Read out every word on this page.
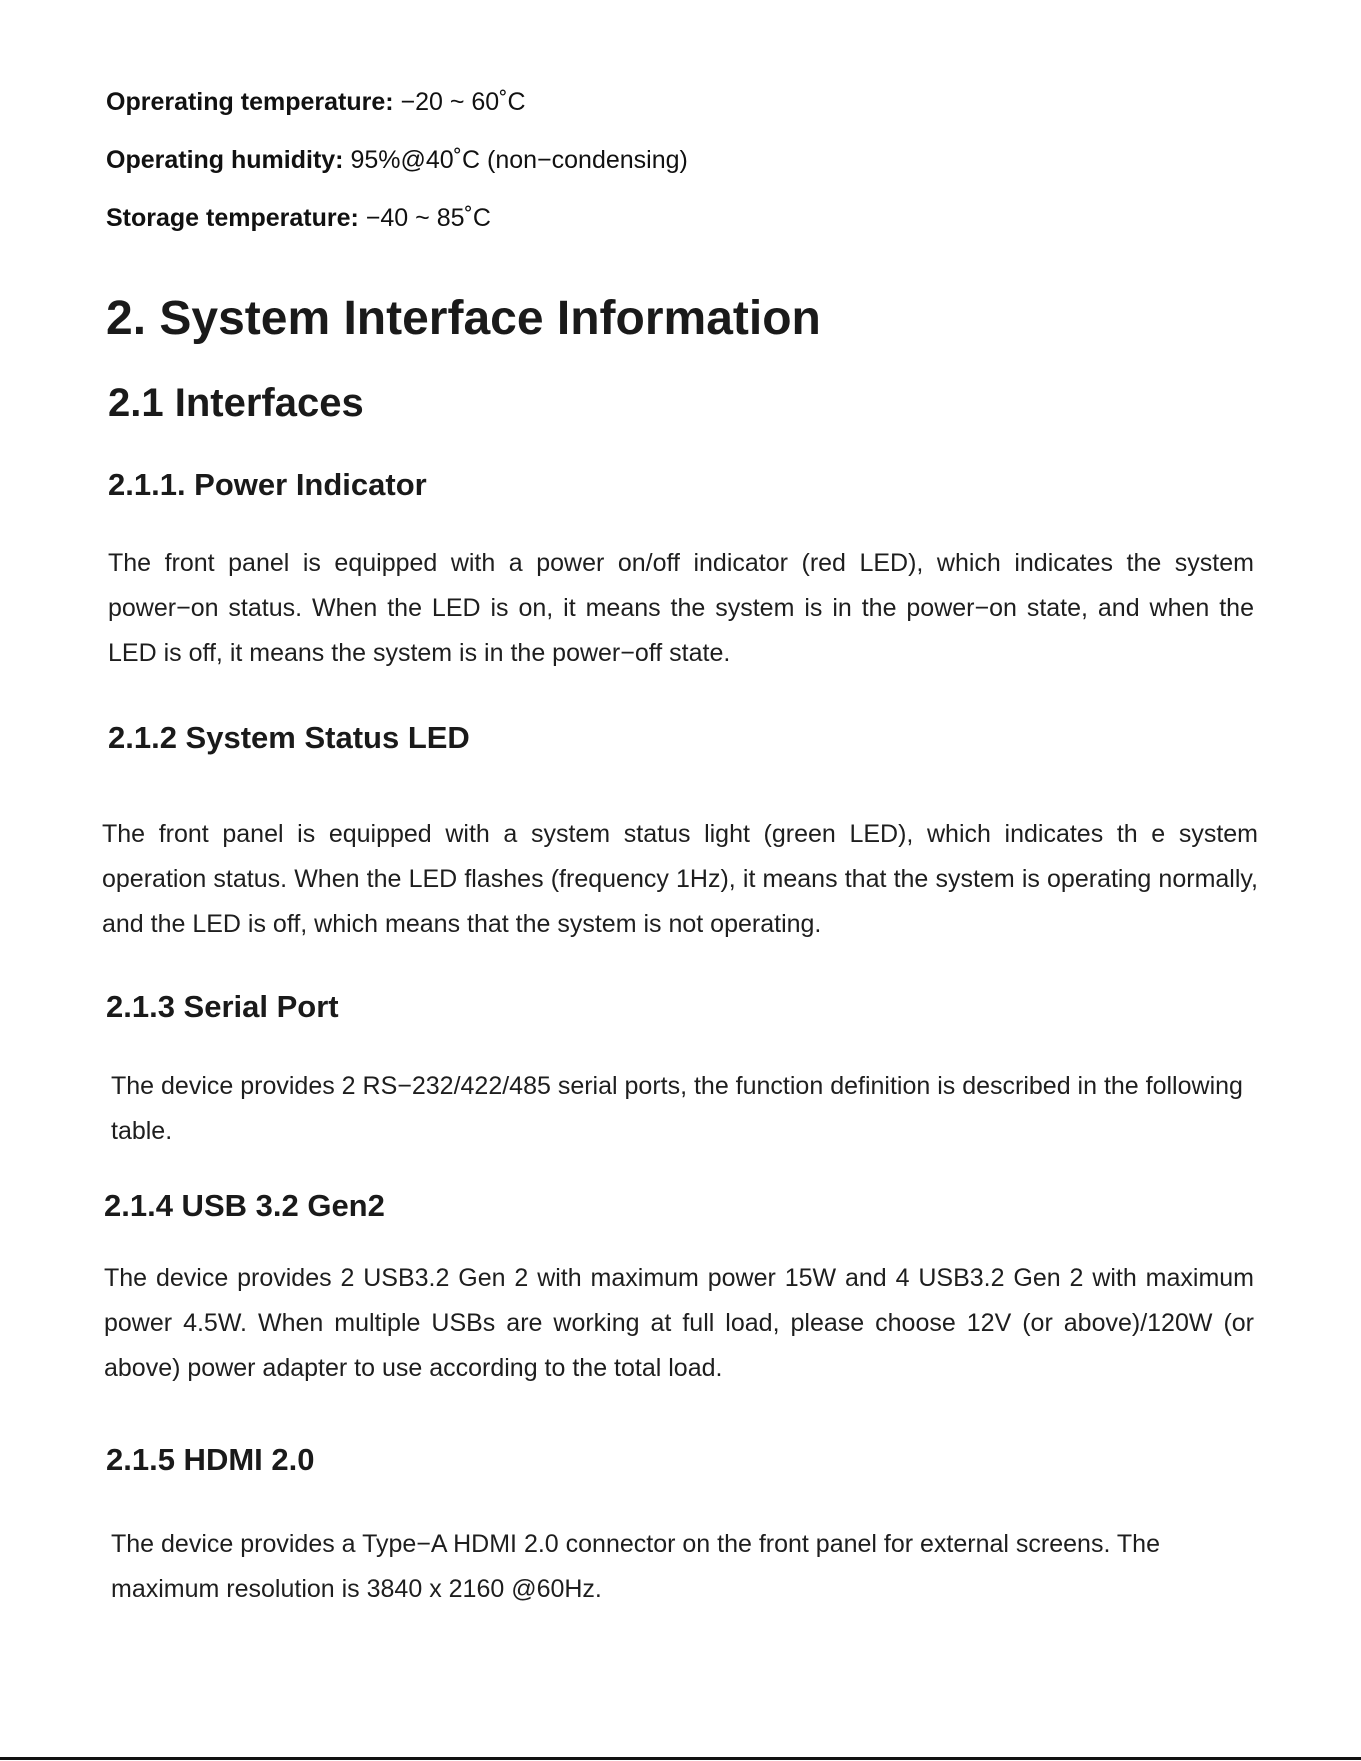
Oprerating temperature: −20 ~ 60˚C
Operating humidity: 95%@40˚C (non−condensing)
Storage temperature: −40 ~ 85˚C
2. System Interface Information
2.1 Interfaces
2.1.1. Power Indicator

The front panel is equipped with a power on/off indicator (red LED), which indicates the system power−on status. When the LED is on, it means the system is in the power−on state, and when the LED is off, it means the system is in the power−off state.

2.1.2 System Status LED

The front panel is equipped with a system status light (green LED), which indicates th e system operation status. When the LED flashes (frequency 1Hz), it means that the system is operating normally, and the LED is off, which means that the system is not operating.

2.1.3 Serial Port

The device provides 2 RS−232/422/485 serial ports, the function definition is described in the following table.

2.1.4 USB 3.2 Gen2

The device provides 2 USB3.2 Gen 2 with maximum power 15W and 4 USB3.2 Gen 2 with maximum power 4.5W. When multiple USBs are working at full load, please choose 12V (or above)/120W (or above) power adapter to use according to the total load.

2.1.5 HDMI 2.0

The device provides a Type−A HDMI 2.0 connector on the front panel for external screens. The maximum resolution is 3840 x 2160 @60Hz.
